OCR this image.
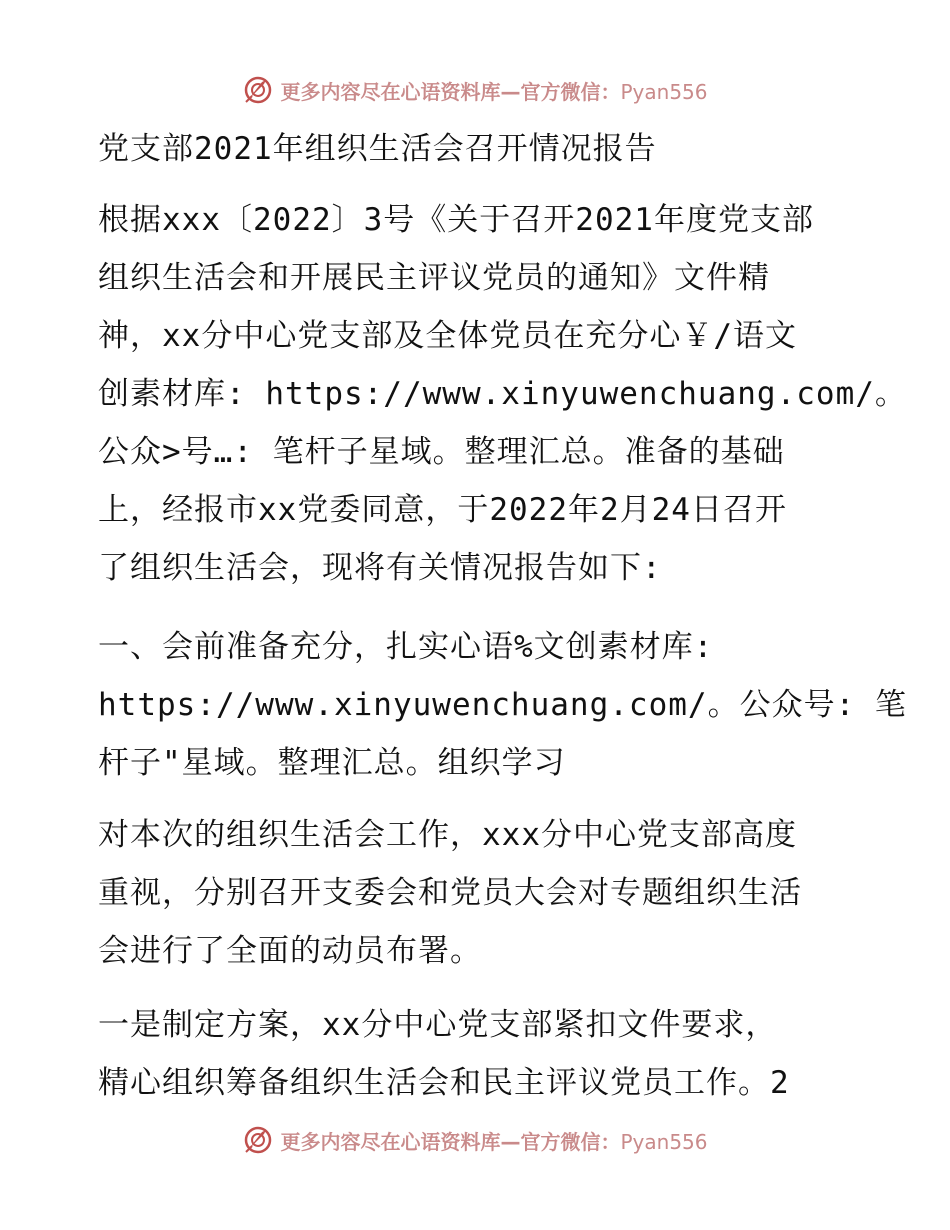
更多内容尽在心语资料库—官方微信：Pyan556
党支部2021年组织生活会召开情况报告
根据xxx〔2022〕3号《关于召开2021年度党支部
组织生活会和开展民主评议党员的通知》文件精
神，xx分中心党支部及全体党员在充分心￥/语文
创素材库: https://www.xinyuwenchuang.com/。
公众>号…: 笔杆子星域。整理汇总。准备的基础
上，经报市xx党委同意，于2022年2月24日召开
了组织生活会，现将有关情况报告如下:
一、会前准备充分，扎实心语%文创素材库:
https://www.xinyuwenchuang.com/。公众号: 笔
杆子"星域。整理汇总。组织学习
对本次的组织生活会工作，xxx分中心党支部高度
重视，分别召开支委会和党员大会对专题组织生活
会进行了全面的动员布署。
一是制定方案，xx分中心党支部紧扣文件要求，
精心组织筹备组织生活会和民主评议党员工作。2
更多内容尽在心语资料库—官方微信：Pyan556
